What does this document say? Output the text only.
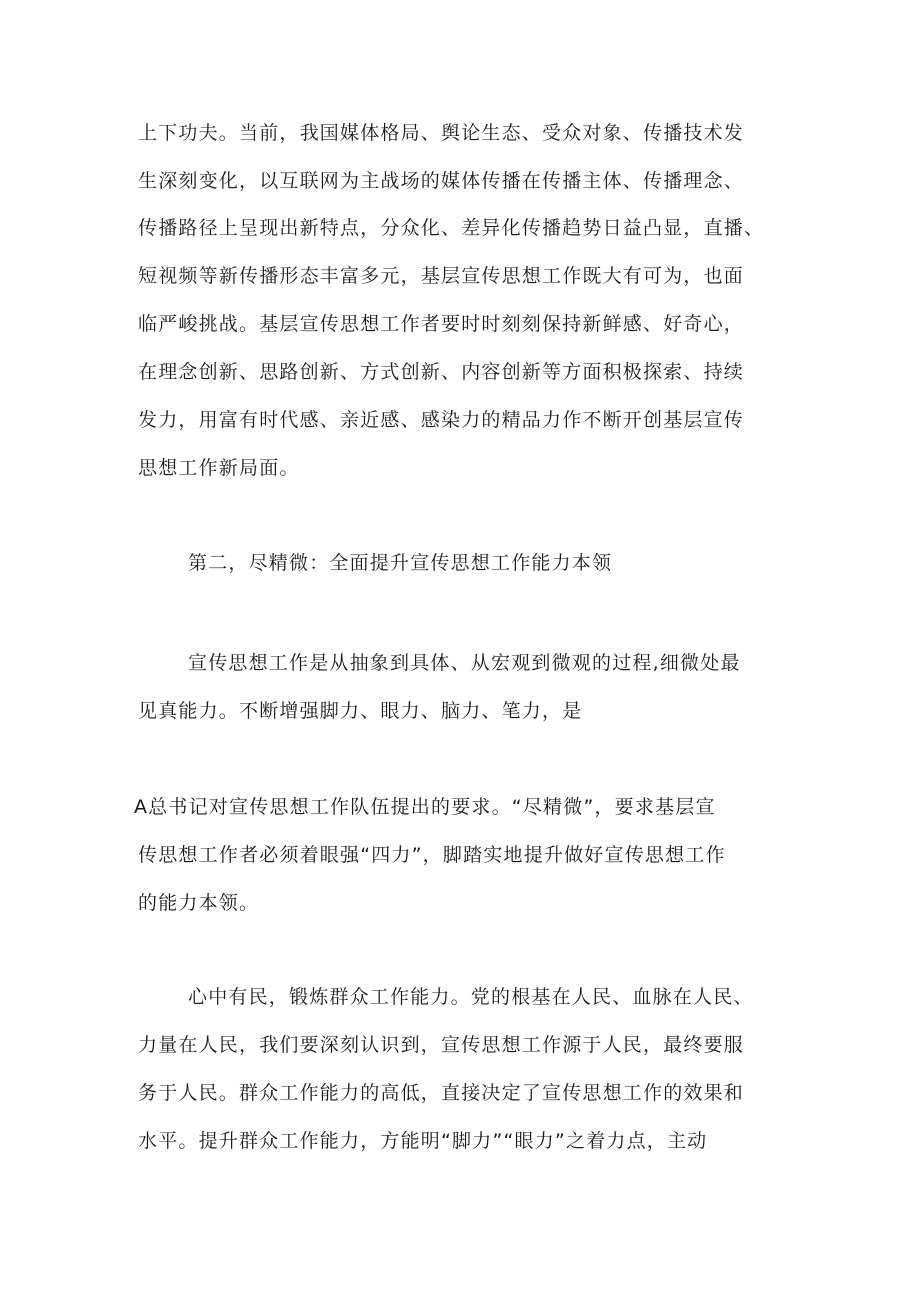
上下功夫。当前，我国媒体格局、舆论生态、受众对象、传播技术发
生深刻变化，以互联网为主战场的媒体传播在传播主体、传播理念、
传播路径上呈现出新特点，分众化、差异化传播趋势日益凸显，直播、
短视频等新传播形态丰富多元，基层宣传思想工作既大有可为，也面
临严峻挑战。基层宣传思想工作者要时时刻刻保持新鲜感、好奇心，
在理念创新、思路创新、方式创新、内容创新等方面积极探索、持续
发力，用富有时代感、亲近感、感染力的精品力作不断开创基层宣传
思想工作新局面。
第二，尽精微：全面提升宣传思想工作能力本领
宣传思想工作是从抽象到具体、从宏观到微观的过程,细微处最
见真能力。不断增强脚力、眼力、脑力、笔力，是
A总书记对宣传思想工作队伍提出的要求。“尽精微”，要求基层宣
传思想工作者必须着眼强“四力”，脚踏实地提升做好宣传思想工作
的能力本领。
心中有民，锻炼群众工作能力。党的根基在人民、血脉在人民、
力量在人民，我们要深刻认识到，宣传思想工作源于人民，最终要服
务于人民。群众工作能力的高低，直接决定了宣传思想工作的效果和
水平。提升群众工作能力，方能明“脚力”“眼力”之着力点，主动
